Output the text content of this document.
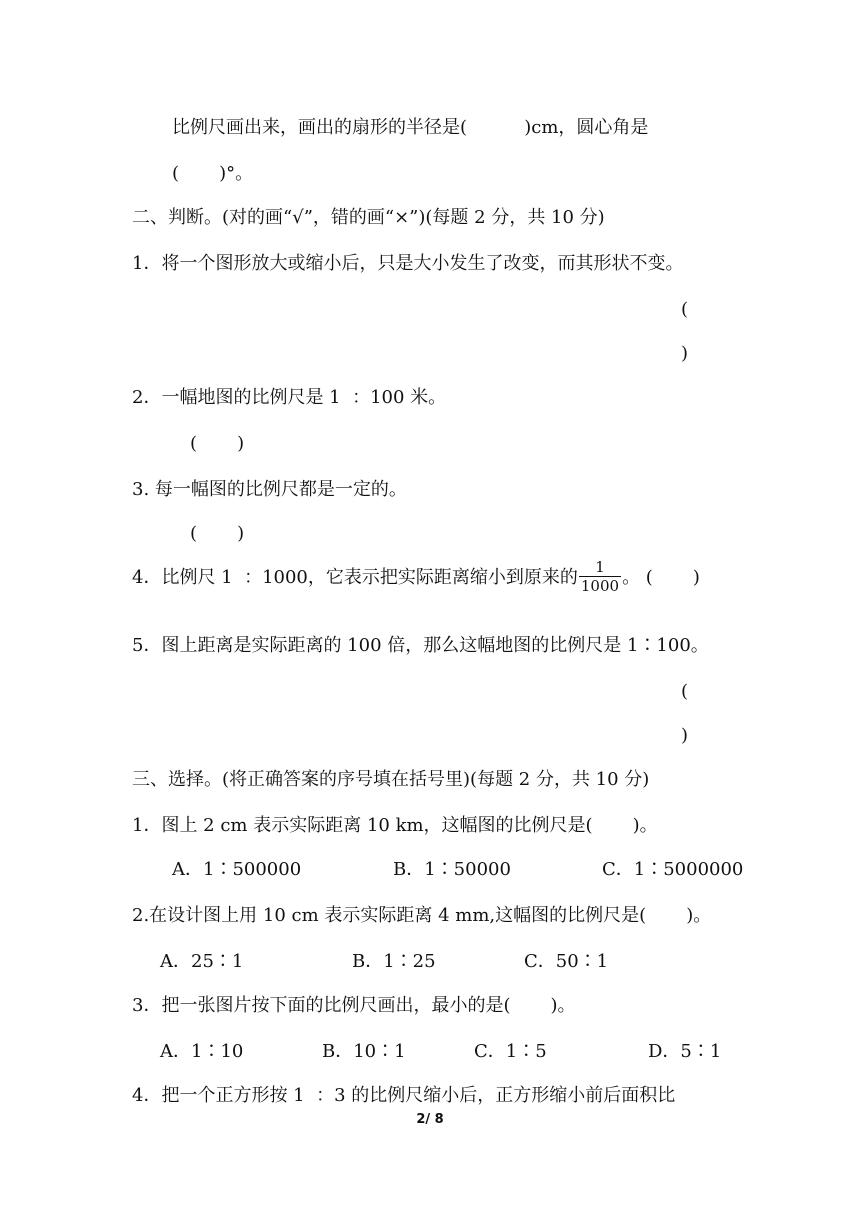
比例尺画出来，画出的扇形的半径是(          )cm，圆心角是
(       )°。
二、判断。(对的画“√”，错的画“×”)(每题 2 分，共 10 分)
1．将一个图形放大或缩小后，只是大小发生了改变，而其形状不变。
(
)
2．一幅地图的比例尺是 1  ：100 米。
(       )
3. 每一幅图的比例尺都是一定的。
(       )
4．比例尺 1  ：1000，它表示把实际距离缩小到原来的 $\frac{1}{1000}$ 。 (       )
5．图上距离是实际距离的 100 倍，那么这幅地图的比例尺是 1∶100。
(
)
三、选择。(将正确答案的序号填在括号里)(每题 2 分，共 10 分)
1．图上 2 cm 表示实际距离 10 km，这幅图的比例尺是(       )。
A．1∶500000	B．1∶50000	C．1∶5000000
2.在设计图上用 10 cm 表示实际距离 4 mm,这幅图的比例尺是(       )。
A．25∶1	B．1∶25	C．50∶1
3．把一张图片按下面的比例尺画出，最小的是(       )。
A．1∶10	B．10∶1	C．1∶5	D．5∶1
4．把一个正方形按 1  ：3 的比例尺缩小后，正方形缩小前后面积比
2/ 8
